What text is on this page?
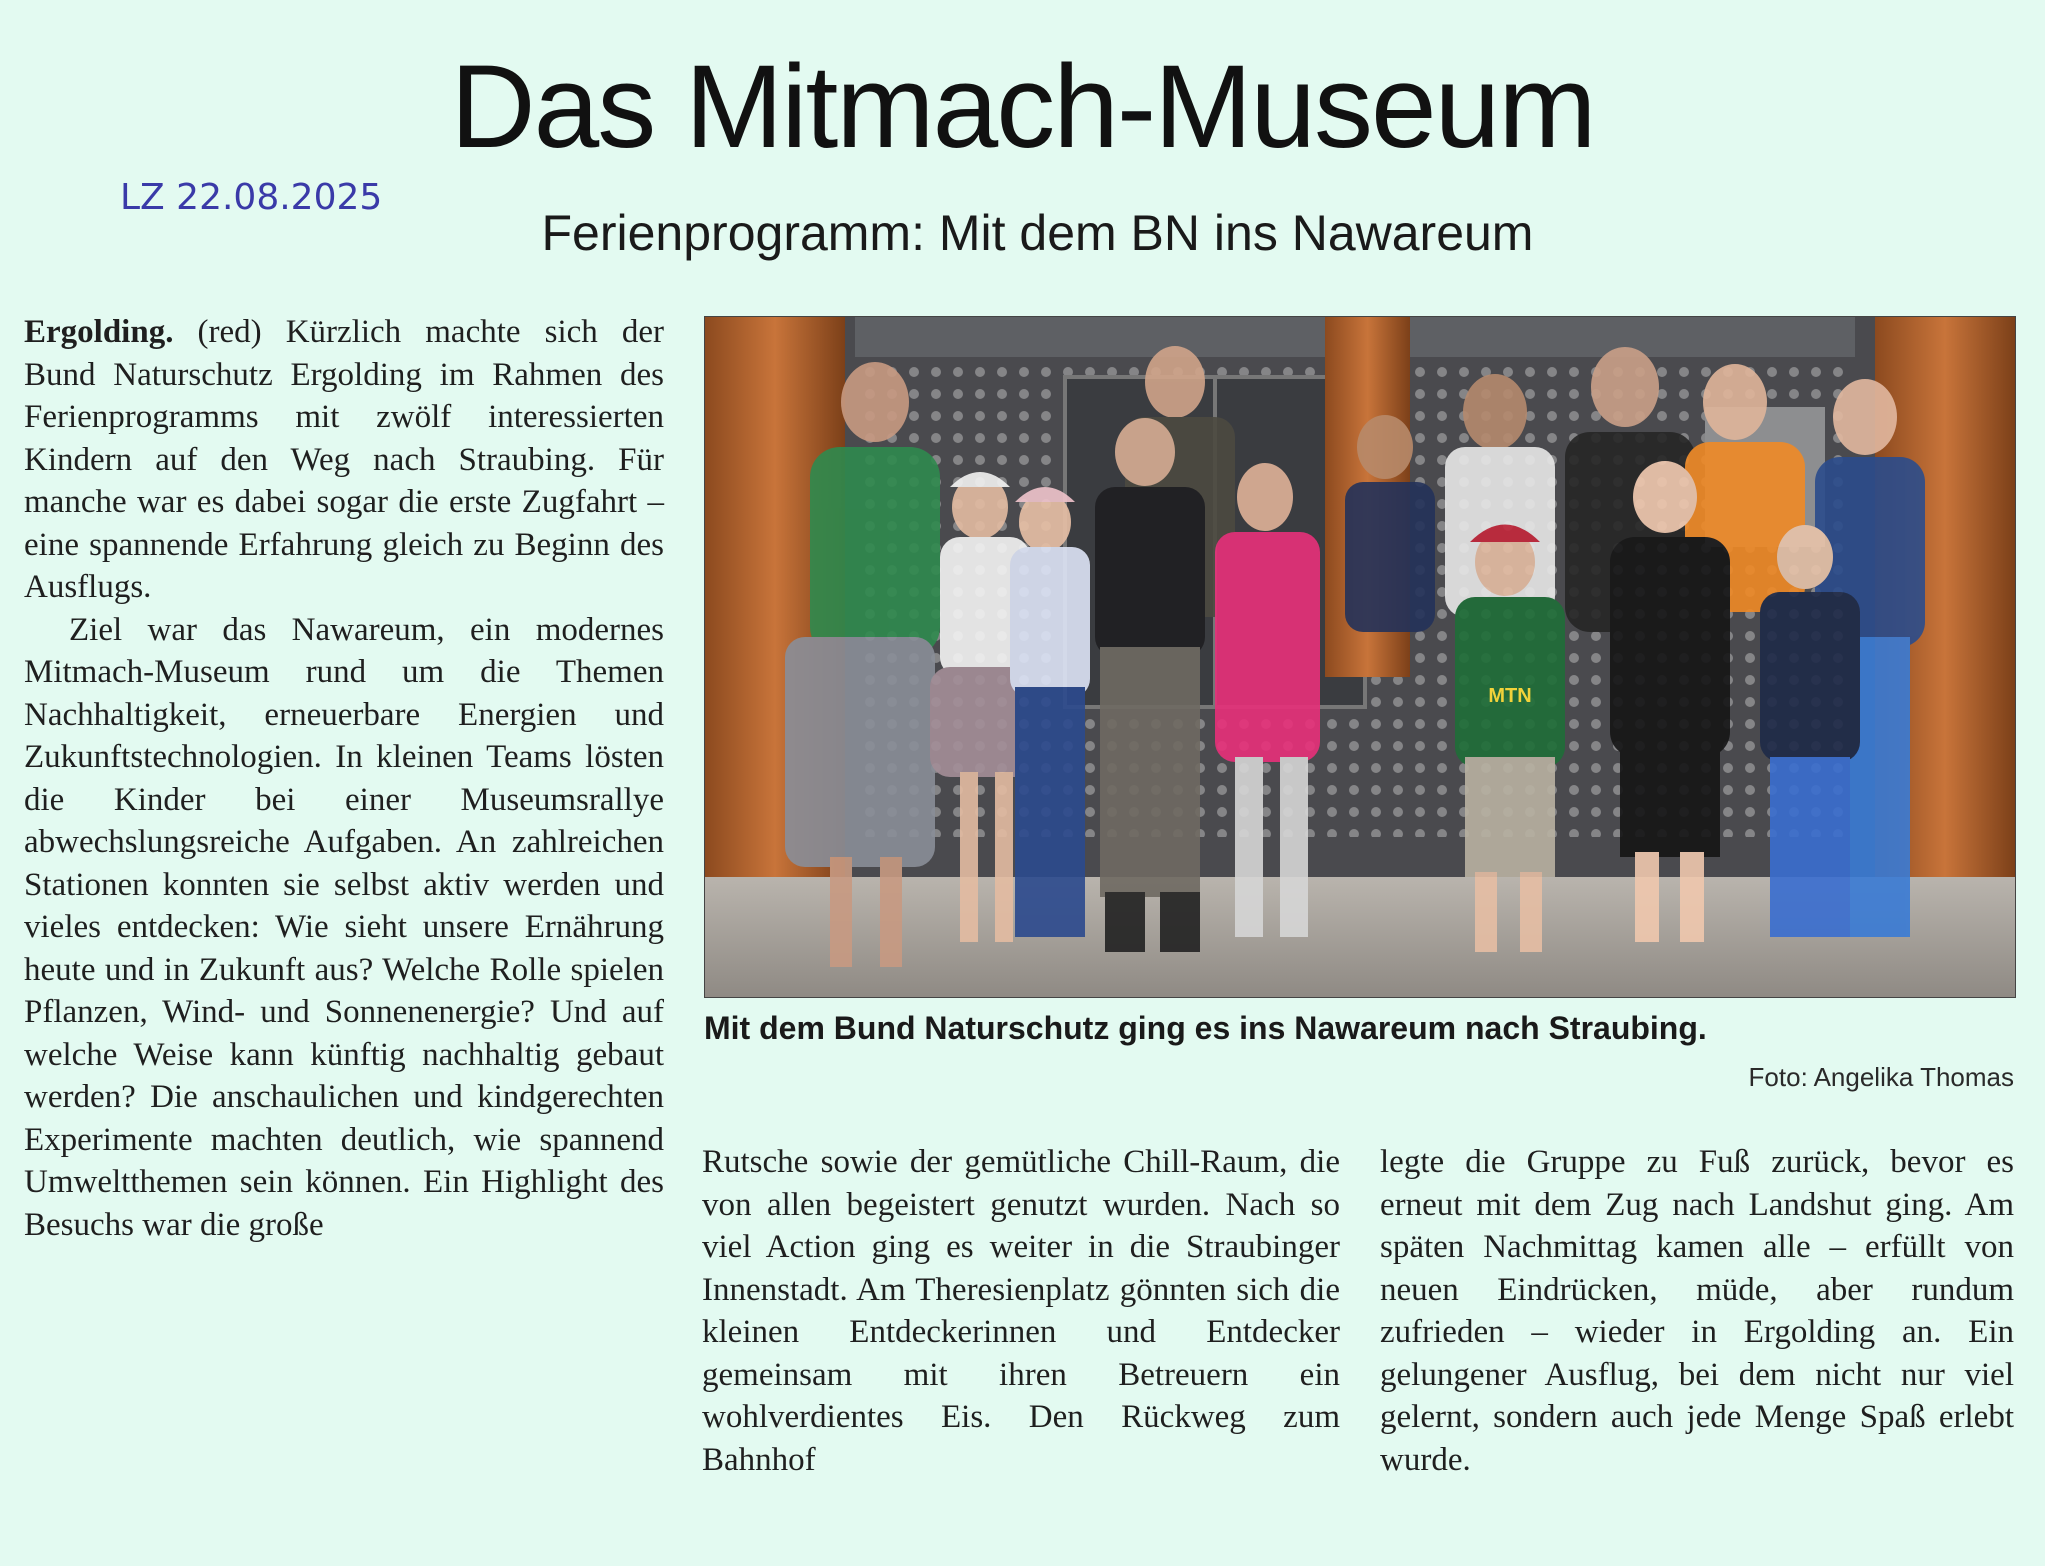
Das Mitmach-Museum
LZ 22.08.2025
Ferienprogramm: Mit dem BN ins Nawareum

Ergolding. (red) Kürzlich machte sich der Bund Naturschutz Ergolding im Rahmen des Ferienprogramms mit zwölf interessierten Kindern auf den Weg nach Straubing. Für manche war es dabei sogar die erste Zugfahrt – eine spannende Erfahrung gleich zu Beginn des Ausflugs.

Ziel war das Nawareum, ein modernes Mitmach-Museum rund um die Themen Nachhaltigkeit, erneuerbare Energien und Zukunftstechnologien. In kleinen Teams lösten die Kinder bei einer Museumsrallye abwechslungsreiche Aufgaben. An zahlreichen Stationen konnten sie selbst aktiv werden und vieles entdecken: Wie sieht unsere Ernährung heute und in Zukunft aus? Welche Rolle spielen Pflanzen, Wind- und Sonnenenergie? Und auf welche Weise kann künftig nachhaltig gebaut werden? Die anschaulichen und kindgerechten Experimente machten deutlich, wie spannend Umweltthemen sein können. Ein Highlight des Besuchs war die große

MTN
Mit dem Bund Naturschutz ging es ins Nawareum nach Straubing.
Foto: Angelika Thomas

Rutsche sowie der gemütliche Chill-Raum, die von allen begeistert genutzt wurden. Nach so viel Action ging es weiter in die Straubinger Innenstadt. Am Theresienplatz gönnten sich die kleinen Entdeckerinnen und Entdecker gemeinsam mit ihren Betreuern ein wohlverdientes Eis. Den Rückweg zum Bahnhof

legte die Gruppe zu Fuß zurück, bevor es erneut mit dem Zug nach Landshut ging. Am späten Nachmittag kamen alle – erfüllt von neuen Eindrücken, müde, aber rundum zufrieden – wieder in Ergolding an. Ein gelungener Ausflug, bei dem nicht nur viel gelernt, sondern auch jede Menge Spaß erlebt wurde.
